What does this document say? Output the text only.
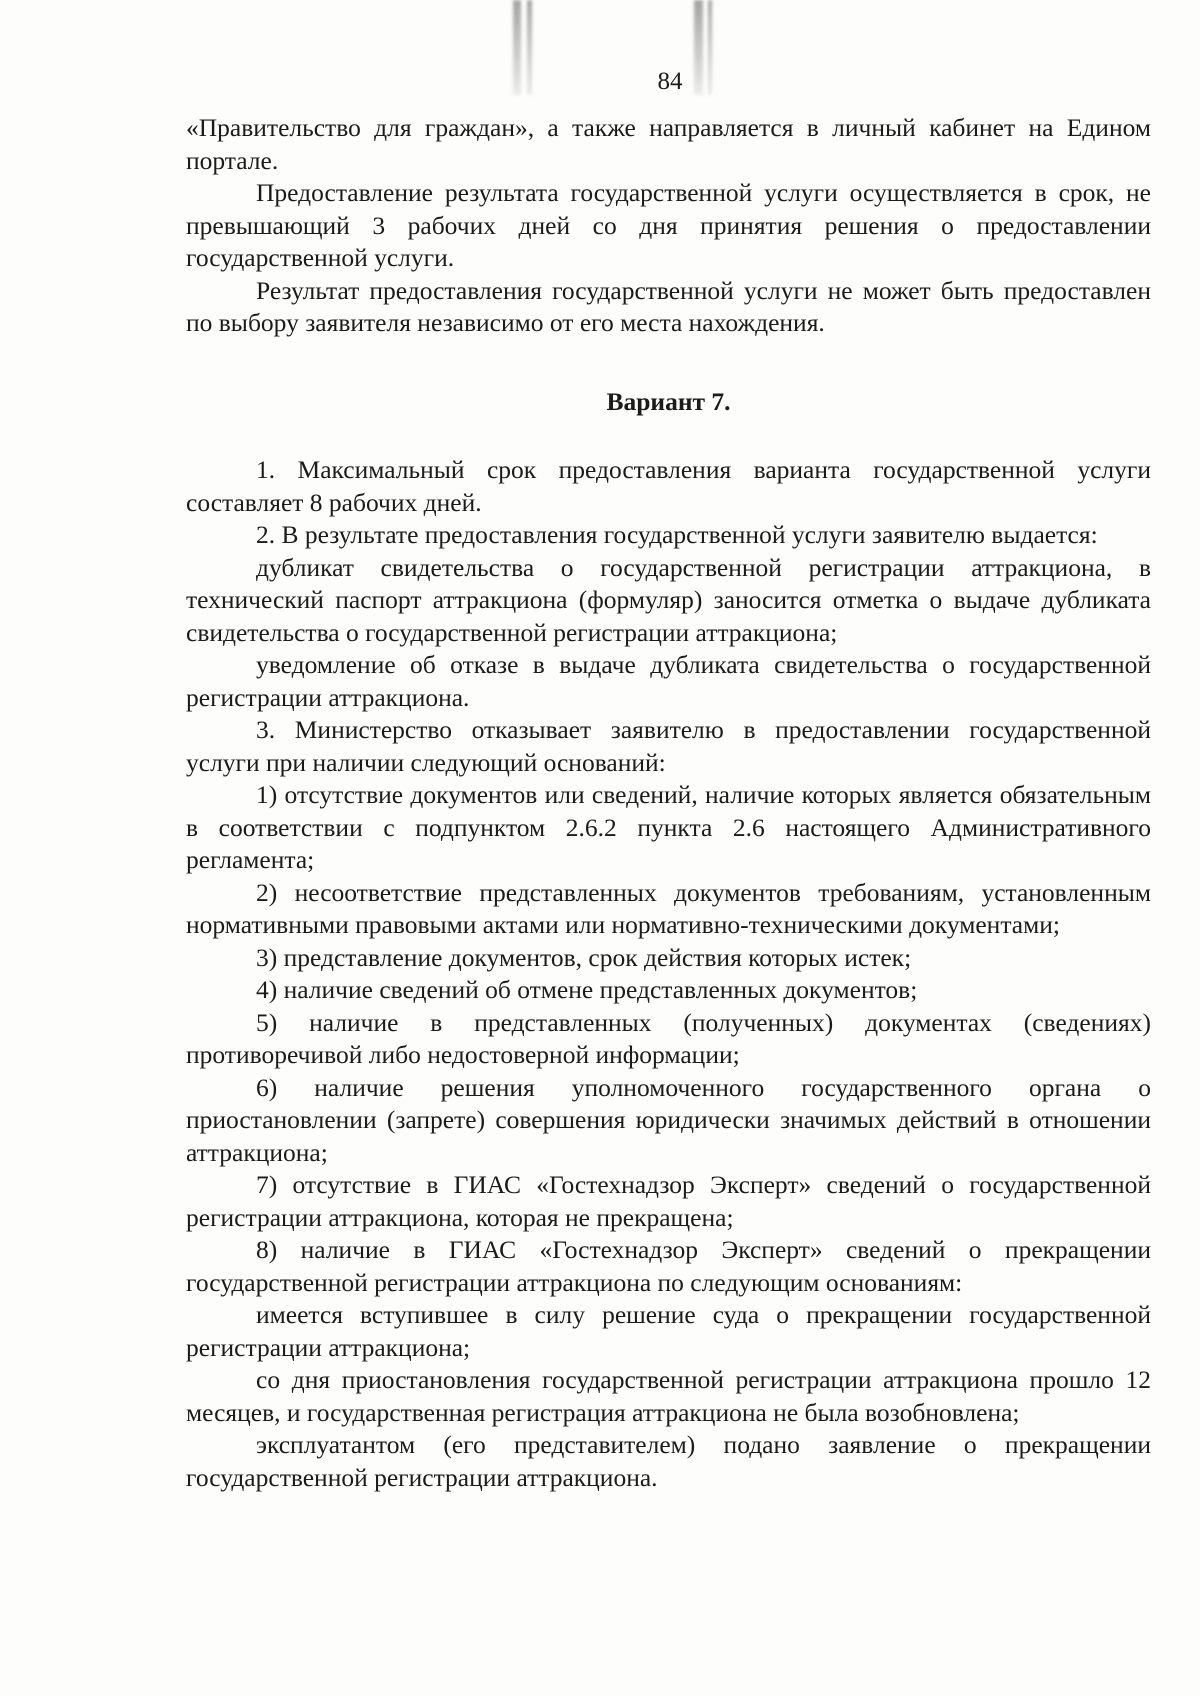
84

«Правительство для граждан», а также направляется в личный кабинет на Едином портале.

Предоставление результата государственной услуги осуществляется в срок, не превышающий 3 рабочих дней со дня принятия решения о предоставлении государственной услуги.

Результат предоставления государственной услуги не может быть предоставлен по выбору заявителя независимо от его места нахождения.

Вариант 7.

1. Максимальный срок предоставления варианта государственной услуги составляет 8 рабочих дней.

2. В результате предоставления государственной услуги заявителю выдается:

дубликат свидетельства о государственной регистрации аттракциона, в технический паспорт аттракциона (формуляр) заносится отметка о выдаче дубликата свидетельства о государственной регистрации аттракциона;

уведомление об отказе в выдаче дубликата свидетельства о государственной регистрации аттракциона.

3. Министерство отказывает заявителю в предоставлении государственной услуги при наличии следующий оснований:

1) отсутствие документов или сведений, наличие которых является обязательным в соответствии с подпунктом 2.6.2 пункта 2.6 настоящего Административного регламента;

2) несоответствие представленных документов требованиям, установленным нормативными правовыми актами или нормативно-техническими документами;

3) представление документов, срок действия которых истек;

4) наличие сведений об отмене представленных документов;

5) наличие в представленных (полученных) документах (сведениях) противоречивой либо недостоверной информации;

6) наличие решения уполномоченного государственного органа о приостановлении (запрете) совершения юридически значимых действий в отношении аттракциона;

7) отсутствие в ГИАС «Гостехнадзор Эксперт» сведений о государственной регистрации аттракциона, которая не прекращена;

8) наличие в ГИАС «Гостехнадзор Эксперт» сведений о прекращении государственной регистрации аттракциона по следующим основаниям:

имеется вступившее в силу решение суда о прекращении государственной регистрации аттракциона;

со дня приостановления государственной регистрации аттракциона прошло 12 месяцев, и государственная регистрация аттракциона не была возобновлена;

эксплуатантом (его представителем) подано заявление о прекращении государственной регистрации аттракциона.
